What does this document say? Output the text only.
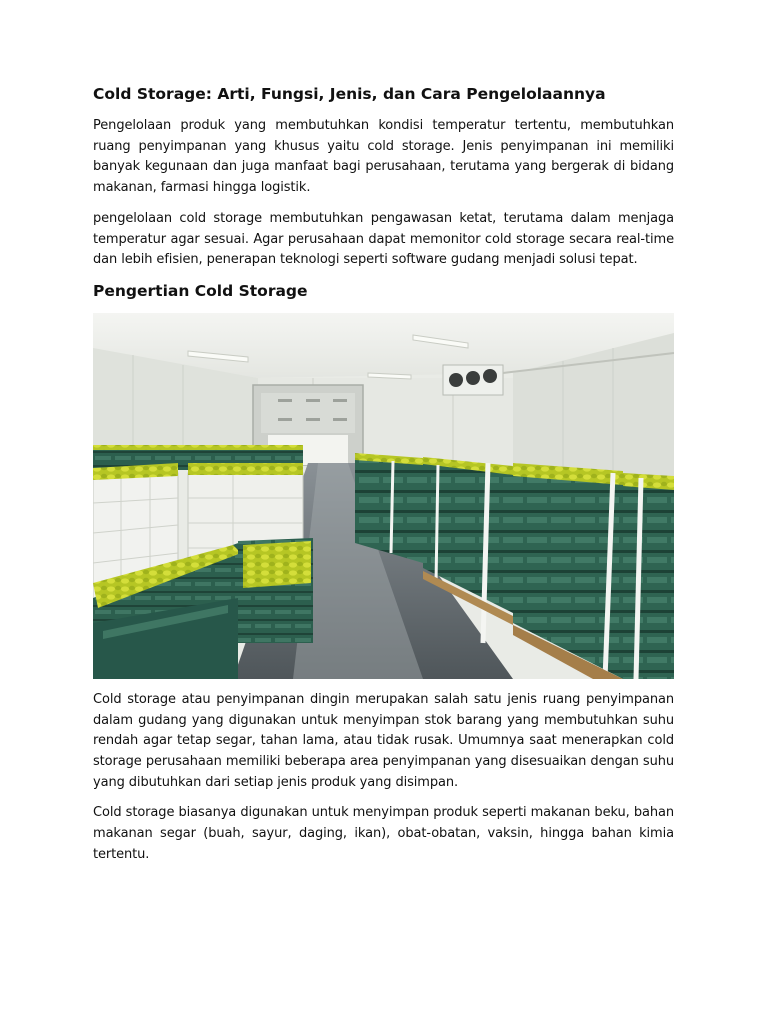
Cold Storage: Arti, Fungsi, Jenis, dan Cara Pengelolaannya

Pengelolaan produk yang membutuhkan kondisi temperatur tertentu, membutuhkan ruang penyimpanan yang khusus yaitu cold storage. Jenis penyimpanan ini memiliki banyak kegunaan dan juga manfaat bagi perusahaan, terutama yang bergerak di bidang makanan, farmasi hingga logistik.

pengelolaan cold storage membutuhkan pengawasan ketat, terutama dalam menjaga temperatur agar sesuai. Agar perusahaan dapat memonitor cold storage secara real-time dan lebih efisien, penerapan teknologi seperti software gudang menjadi solusi tepat.

Pengertian Cold Storage

Cold storage atau penyimpanan dingin merupakan salah satu jenis ruang penyimpanan dalam gudang yang digunakan untuk menyimpan stok barang yang membutuhkan suhu rendah agar tetap segar, tahan lama, atau tidak rusak. Umumnya saat menerapkan cold storage perusahaan memiliki beberapa area penyimpanan yang disesuaikan dengan suhu yang dibutuhkan dari setiap jenis produk yang disimpan.

Cold storage biasanya digunakan untuk menyimpan produk seperti makanan beku, bahan makanan segar (buah, sayur, daging, ikan), obat-obatan, vaksin, hingga bahan kimia tertentu.
